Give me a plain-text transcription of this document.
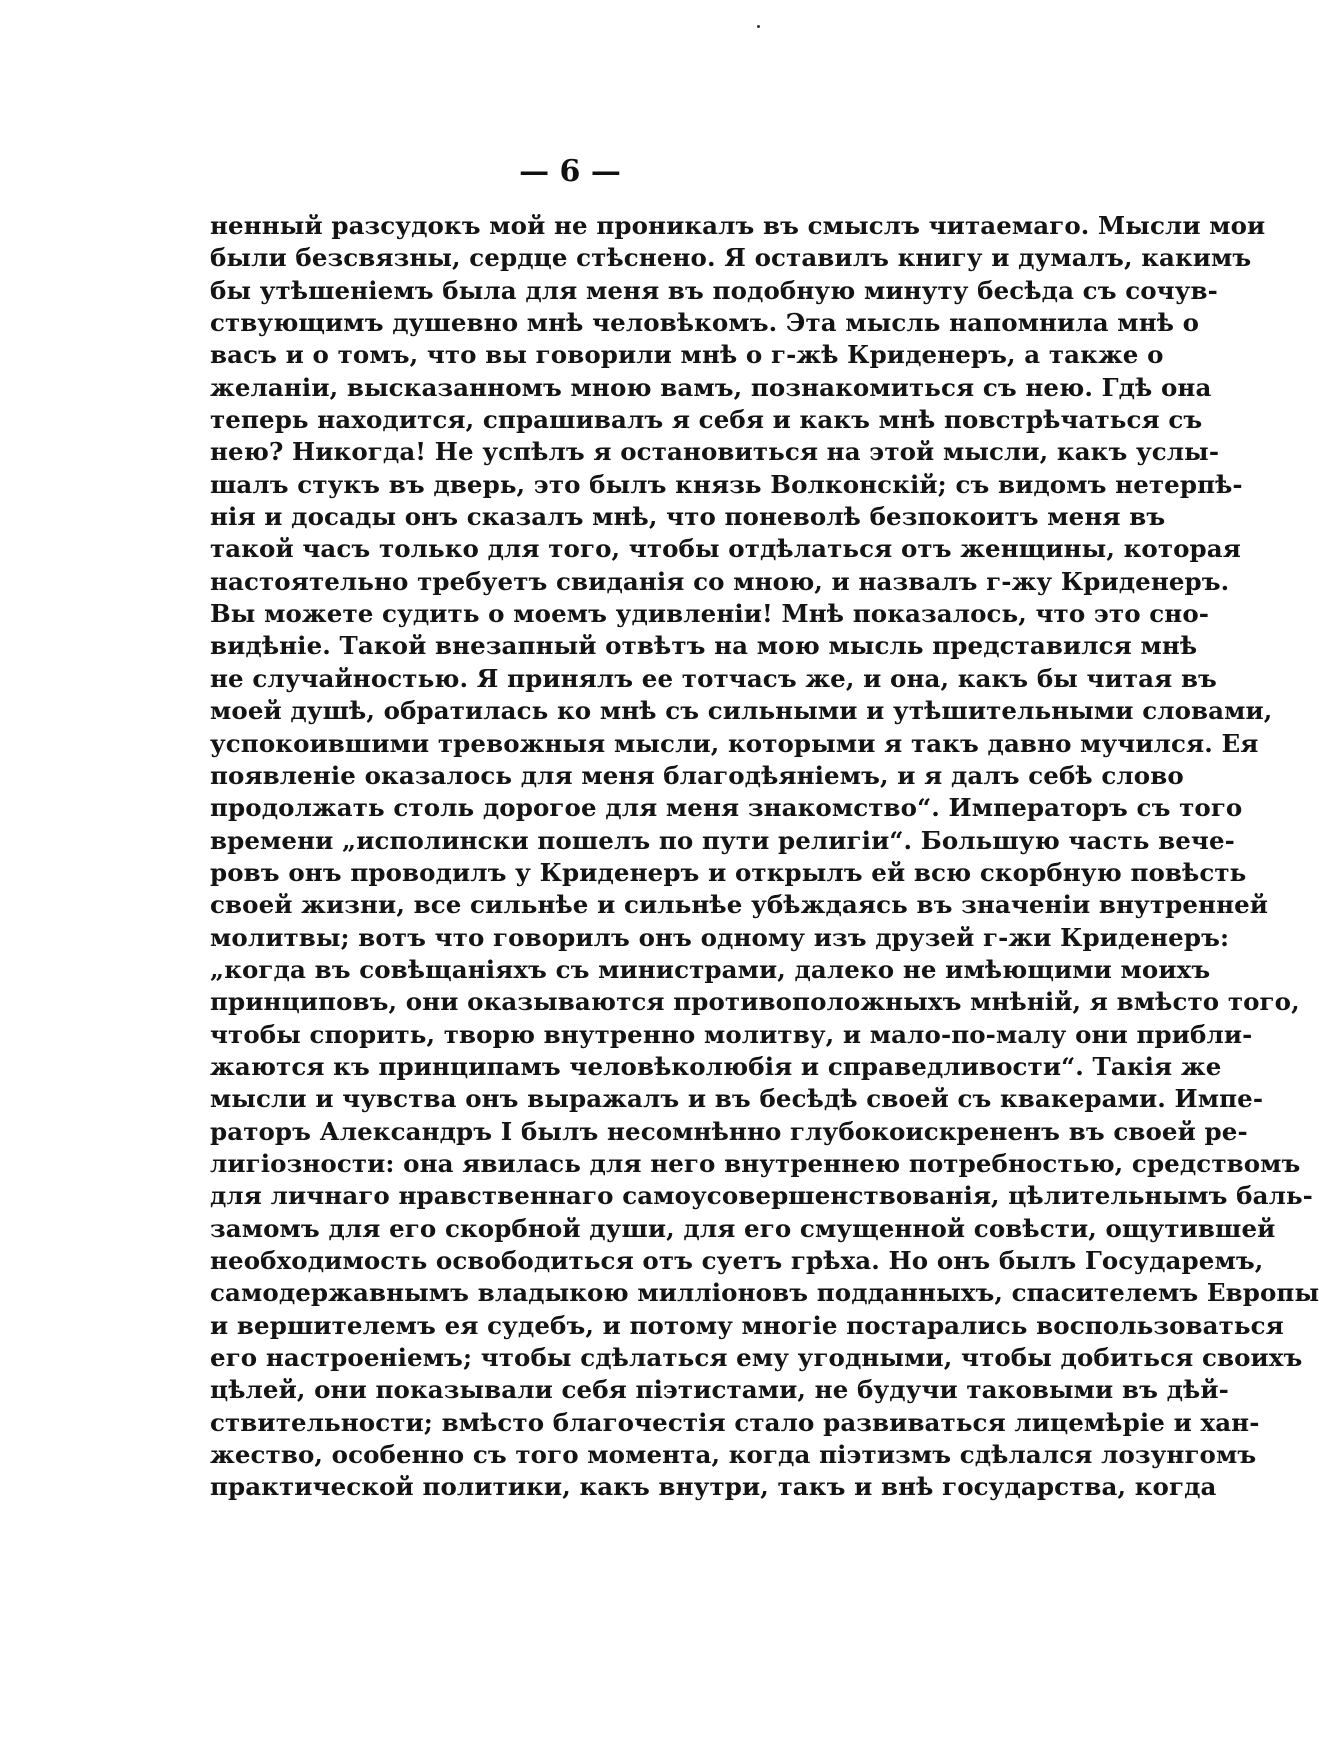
— 6 —
ненный разсудокъ мой не проникалъ въ смыслъ читаемаго. Мысли мои
были безсвязны, сердце стѣснено. Я оставилъ книгу и думалъ, какимъ
бы утѣшеніемъ была для меня въ подобную минуту бесѣда съ сочув-
ствующимъ душевно мнѣ человѣкомъ. Эта мысль напомнила мнѣ о
васъ и о томъ, что вы говорили мнѣ о г-жѣ Криденеръ, а также о
желаніи, высказанномъ мною вамъ, познакомиться съ нею. Гдѣ она
теперь находится, спрашивалъ я себя и какъ мнѣ повстрѣчаться съ
нею? Никогда! Не успѣлъ я остановиться на этой мысли, какъ услы-
шалъ стукъ въ дверь, это былъ князь Волконскій; съ видомъ нетерпѣ-
нія и досады онъ сказалъ мнѣ, что поневолѣ безпокоитъ меня въ
такой часъ только для того, чтобы отдѣлаться отъ женщины, которая
настоятельно требуетъ свиданія со мною, и назвалъ г-жу Криденеръ.
Вы можете судить о моемъ удивленіи! Мнѣ показалось, что это сно-
видѣніе. Такой внезапный отвѣтъ на мою мысль представился мнѣ
не случайностью. Я принялъ ее тотчасъ же, и она, какъ бы читая въ
моей душѣ, обратилась ко мнѣ съ сильными и утѣшительными словами,
успокоившими тревожныя мысли, которыми я такъ давно мучился. Ея
появленіе оказалось для меня благодѣяніемъ, и я далъ себѣ слово
продолжать столь дорогое для меня знакомство“. Императоръ съ того
времени „исполински пошелъ по пути религіи“. Большую часть вече-
ровъ онъ проводилъ у Криденеръ и открылъ ей всю скорбную повѣсть
своей жизни, все сильнѣе и сильнѣе убѣждаясь въ значеніи внутренней
молитвы; вотъ что говорилъ онъ одному изъ друзей г-жи Криденеръ:
„когда въ совѣщаніяхъ съ министрами, далеко не имѣющими моихъ
принциповъ, они оказываются противоположныхъ мнѣній, я вмѣсто того,
чтобы спорить, творю внутренно молитву, и мало-по-малу они прибли-
жаются къ принципамъ человѣколюбія и справедливости“. Такія же
мысли и чувства онъ выражалъ и въ бесѣдѣ своей съ квакерами. Импе-
раторъ Александръ I былъ несомнѣнно глубокоискрененъ въ своей ре-
лигіозности: она явилась для него внутреннею потребностью, средствомъ
для личнаго нравственнаго самоусовершенствованія, цѣлительнымъ баль-
замомъ для его скорбной души, для его смущенной совѣсти, ощутившей
необходимость освободиться отъ суетъ грѣха. Но онъ былъ Государемъ,
самодержавнымъ владыкою милліоновъ подданныхъ, спасителемъ Европы
и вершителемъ ея судебъ, и потому многіе постарались воспользоваться
его настроеніемъ; чтобы сдѣлаться ему угодными, чтобы добиться своихъ
цѣлей, они показывали себя піэтистами, не будучи таковыми въ дѣй-
ствительности; вмѣсто благочестія стало развиваться лицемѣріе и хан-
жество, особенно съ того момента, когда піэтизмъ сдѣлался лозунгомъ
практической политики, какъ внутри, такъ и внѣ государства, когда
